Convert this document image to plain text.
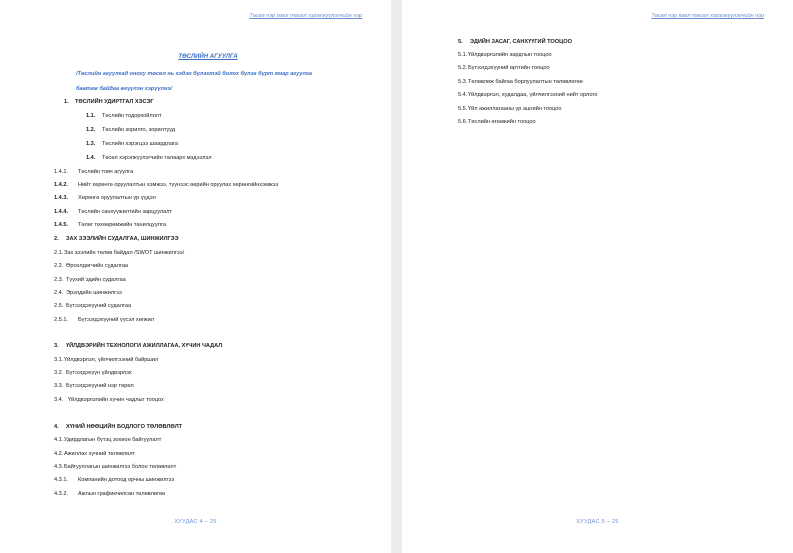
Төсөл нэр хөөл төсөл хэрэгжүүлэгчийн нэр
ТӨСЛИЙН АГУУЛГА
/Төслийн агуулгад оноху төсөл нь хэдэн бүлэгтэй болох бүлэг бүрт ямар агуулга
баатаж байдаа өгүүлэн хэрүүлнэ/
1. ТӨСЛИЙН УДИРТГАЛ ХЭСЭГ
1.1. Төслийн тодорхойлолт
1.2. Төслийн зорилго, зорилтууд
1.3. Төслийн хэрэгцээ шаардлага
1.4. Төсөл хэрэгжүүлэгчийн талаарх мэдээлэл
1.4.1. Төслийн товч агуулга
1.4.2. Нийт хөрөнгө оруулалтын хэмжээ, түүнээс өөрийн оруулах хөрөнгийнхэмжээ
1.4.3. Хөрөнгө оруулалтын үр үүдэл
1.4.4. Төслийн санхүүжилтийн зарцуулалт
1.4.5. Төлөг төхөөрөмжийн танилцуулга
2. ЗАХ ЗЭЭЛИЙН СУДАЛГАА, ШИНЖИЛГЭЭ
2.1.Зах зээлийн төлөв байдал /SWOT шинжилгээ/
2.2. Өрсөлдөгчийн судалгаа
2.3. Түүхий эдийн судалгаа
2.4. Эрэлдийн шинжилгээ
2.5. Бүтээгдэхүүний судалгаа
2.5.1. Бүтээгдэхүүний үүсэл хөгжил
3. ҮЙЛДВЭРИЙН ТЕХНОЛОГИ АЖИЛЛАГАА, ХҮЧИН ЧАДАЛ
3.1.Үйлдвэрлэл, үйлчилгээний байршил
3.2. Бүтээгдэхүүн үйлдвэрлэх
3.3. Бүтээгдэхүүний нэр төрөл
3.4. Үйлдвэрлэлийн хүчин чадлыг тооцох
4. ХҮНИЙ НӨӨЦИЙН БОДЛОГО ТӨЛӨВЛӨЛТ
4.1.Удирдлагын бүтэц зохион байгуулалт
4.2.Ажиллах хүчний төлөвлөлт
4.3.Байгууллагын шинжилгээ болон төлөвлөлт
4.3.1. Компанийн дотоод орчны шинжилгээ
4.3.2. Ажлын графикчилсан төлөвлөгөө
ХУУДАС 4 – 25
Төсөл нэр хөөл төсөл хэрэгжүүлэгчийн нэр
5. ЭДИЙН ЗАСАГ, САНХҮҮГИЙ ТООЦОО
5.1.Үйлдвэрлэлийн зардлын тооцоо
5.2.Бүтээгдэхүүний өртгийн тооцоо
5.3.Төлөвлөж байгаа борлуулалтын төлөвлөгөө
5.4.Үйлдвэрлэл, худалдаа, үйлчилгээний нийт орлого
5.5.Үйл ажиллагааны ур ашгийн тооцоо
5.6.Төслийн өгөөжийн тооцоо
ХУУДАС 5 – 25
